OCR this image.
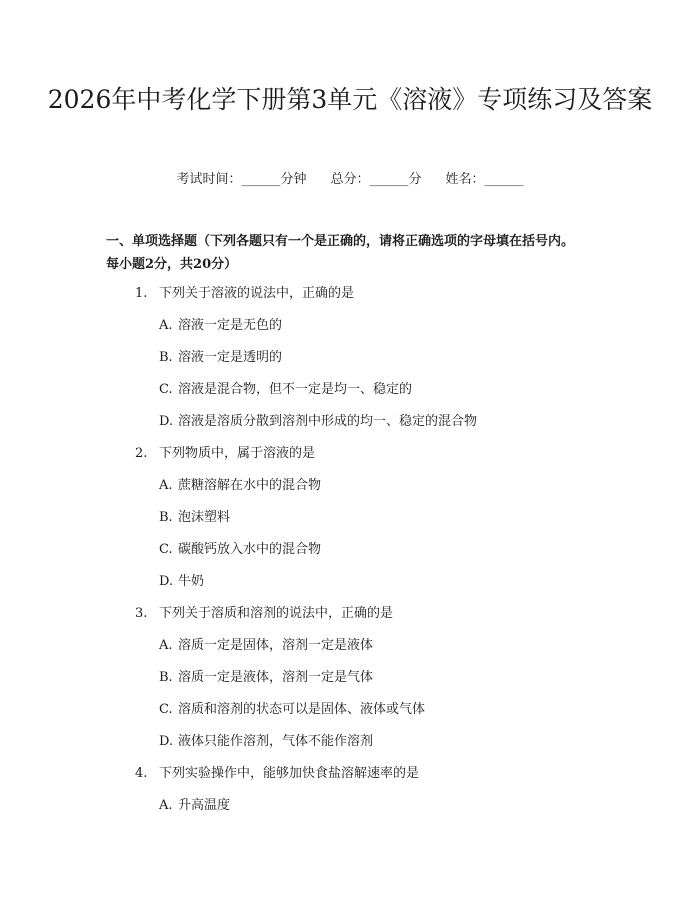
2026年中考化学下册第3单元《溶液》专项练习及答案
考试时间：______分钟 总分：______分 姓名：______
一、单项选择题（下列各题只有一个是正确的，请将正确选项的字母填在括号内。每小题2分，共20分）
1. 下列关于溶液的说法中，正确的是
A. 溶液一定是无色的
B. 溶液一定是透明的
C. 溶液是混合物，但不一定是均一、稳定的
D. 溶液是溶质分散到溶剂中形成的均一、稳定的混合物
2. 下列物质中，属于溶液的是
A. 蔗糖溶解在水中的混合物
B. 泡沫塑料
C. 碳酸钙放入水中的混合物
D. 牛奶
3. 下列关于溶质和溶剂的说法中，正确的是
A. 溶质一定是固体，溶剂一定是液体
B. 溶质一定是液体，溶剂一定是气体
C. 溶质和溶剂的状态可以是固体、液体或气体
D. 液体只能作溶剂，气体不能作溶剂
4. 下列实验操作中，能够加快食盐溶解速率的是
A. 升高温度
